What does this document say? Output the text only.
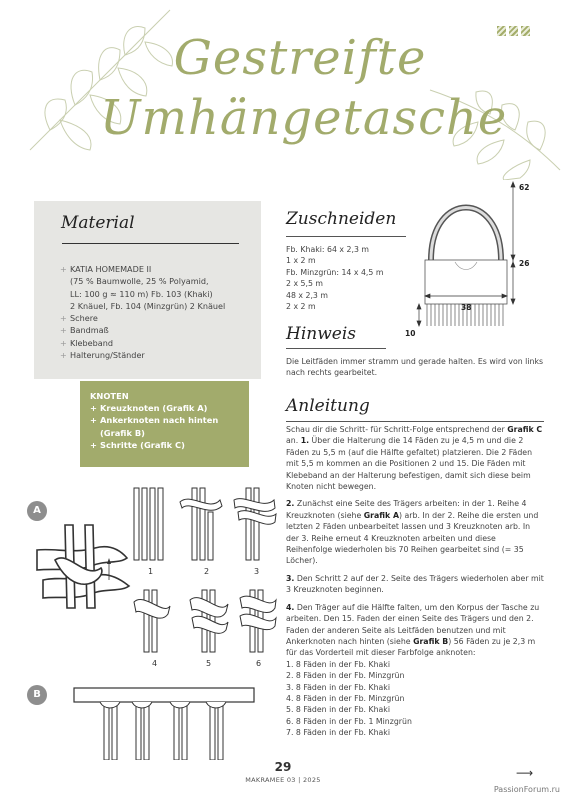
Gestreifte
Umhängetasche
Material
+ KATIA HOMEMADE II
(75 % Baumwolle, 25 % Polyamid,
LL: 100 g ≈ 110 m) Fb. 103 (Khaki)
2 Knäuel, Fb. 104 (Minzgrün) 2 Knäuel
+ Schere
+ Bandmaß
+ Klebeband
+ Halterung/Ständer
KNOTEN
+ Kreuzknoten (Grafik A)
+ Ankerknoten nach hinten
(Grafik B)
+ Schritte (Grafik C)
A
B
1	2	3
4	5	6
62
26
38
10
Zuschneiden
Fb. Khaki: 64 x 2,3 m
1 x 2 m
Fb. Minzgrün: 14 x 4,5 m
2 x 5,5 m
48 x 2,3 m
2 x 2 m
Hinweis

Die Leitfäden immer stramm und gerade halten. Es wird von links nach rechts gearbeitet.

Anleitung

Schau dir die Schritt- für Schritt-Folge entsprechend der Grafik C an. 1. Über die Halterung die 14 Fäden zu je 4,5 m und die 2 Fäden zu 5,5 m (auf die Hälfte gefaltet) platzieren. Die 2 Fäden mit 5,5 m kommen an die Positionen 2 und 15. Die Fäden mit Klebeband an der Halterung befestigen, damit sich diese beim Knoten nicht bewegen.

2. Zunächst eine Seite des Trägers arbeiten: in der 1. Reihe 4 Kreuzknoten (siehe Grafik A) arb. In der 2. Reihe die ersten und letzten 2 Fäden unbearbeitet lassen und 3 Kreuzknoten arb. In der 3. Reihe erneut 4 Kreuzknoten arbeiten und diese Reihenfolge wiederholen bis 70 Reihen gearbeitet sind (= 35 Löcher).

3. Den Schritt 2 auf der 2. Seite des Trägers wiederholen aber mit 3 Kreuzknoten beginnen.

4. Den Träger auf die Hälfte falten, um den Korpus der Tasche zu arbeiten. Den 15. Faden der einen Seite des Trägers und den 2. Faden der anderen Seite als Leitfäden benutzen und mit Ankerknoten nach hinten (siehe Grafik B) 56 Fäden zu je 2,3 m für das Vorderteil mit dieser Farbfolge anknoten:

1. 8 Fäden in der Fb. Khaki
2. 8 Fäden in der Fb. Minzgrün
3. 8 Fäden in der Fb. Khaki
4. 8 Fäden in der Fb. Minzgrün
5. 8 Fäden in der Fb. Khaki
6. 8 Fäden in der Fb. 1 Minzgrün
7. 8 Fäden in der Fb. Khaki
29
MAKRAMEE 03 | 2025	⟶
PassionForum.ru
